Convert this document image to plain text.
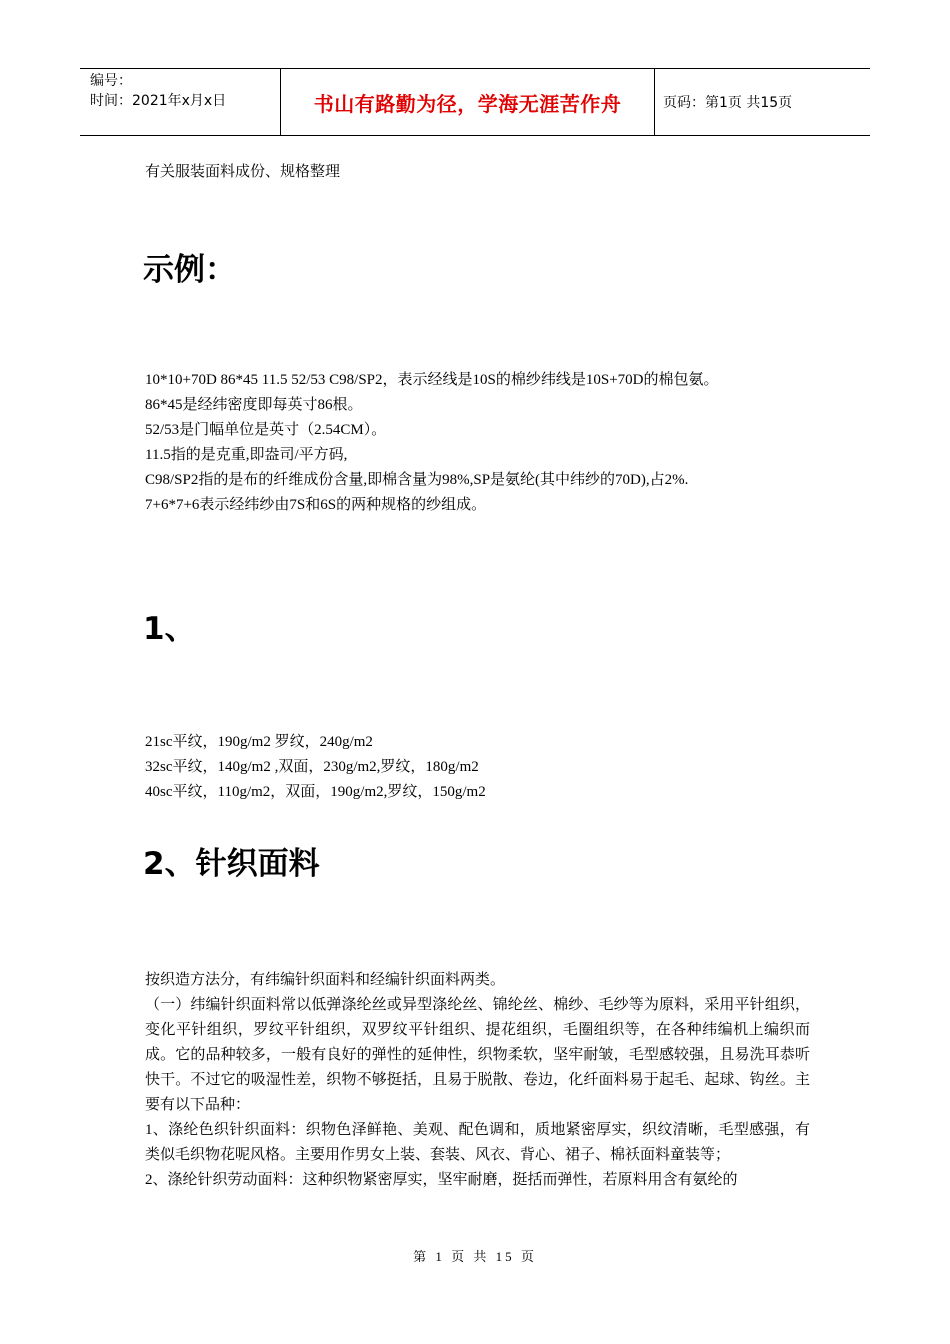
编号：
时间：2021年x月x日	书山有路勤为径，学海无涯苦作舟	页码：第1页 共15页
有关服装面料成份、规格整理
示例：

10*10+70D 86*45 11.5 52/53 C98/SP2，表示经线是10S的棉纱纬线是10S+70D的棉包氨。

86*45是经纬密度即每英寸86根。

52/53是门幅单位是英寸（2.54CM）。

11.5指的是克重,即盎司/平方码,

C98/SP2指的是布的纤维成份含量,即棉含量为98%,SP是氨纶(其中纬纱的70D),占2%.

7+6*7+6表示经纬纱由7S和6S的两种规格的纱组成。

1、

21sc平纹，190g/m2 罗纹，240g/m2

32sc平纹，140g/m2 ,双面，230g/m2,罗纹，180g/m2

40sc平纹，110g/m2，双面，190g/m2,罗纹，150g/m2

2、针织面料

按织造方法分，有纬编针织面料和经编针织面料两类。

（一）纬编针织面料常以低弹涤纶丝或异型涤纶丝、锦纶丝、棉纱、毛纱等为原料，采用平针组织，变化平针组织，罗纹平针组织，双罗纹平针组织、提花组织，毛圈组织等，在各种纬编机上编织而成。它的品种较多，一般有良好的弹性的延伸性，织物柔软，坚牢耐皱，毛型感较强，且易洗耳恭听快干。不过它的吸湿性差，织物不够挺括，且易于脱散、卷边，化纤面料易于起毛、起球、钩丝。主要有以下品种：

1、涤纶色织针织面料：织物色泽鲜艳、美观、配色调和，质地紧密厚实，织纹清晰，毛型感强，有类似毛织物花呢风格。主要用作男女上装、套装、风衣、背心、裙子、棉袄面料童装等；

2、涤纶针织劳动面料：这种织物紧密厚实，坚牢耐磨，挺括而弹性，若原料用含有氨纶的

第 1 页 共 15 页
